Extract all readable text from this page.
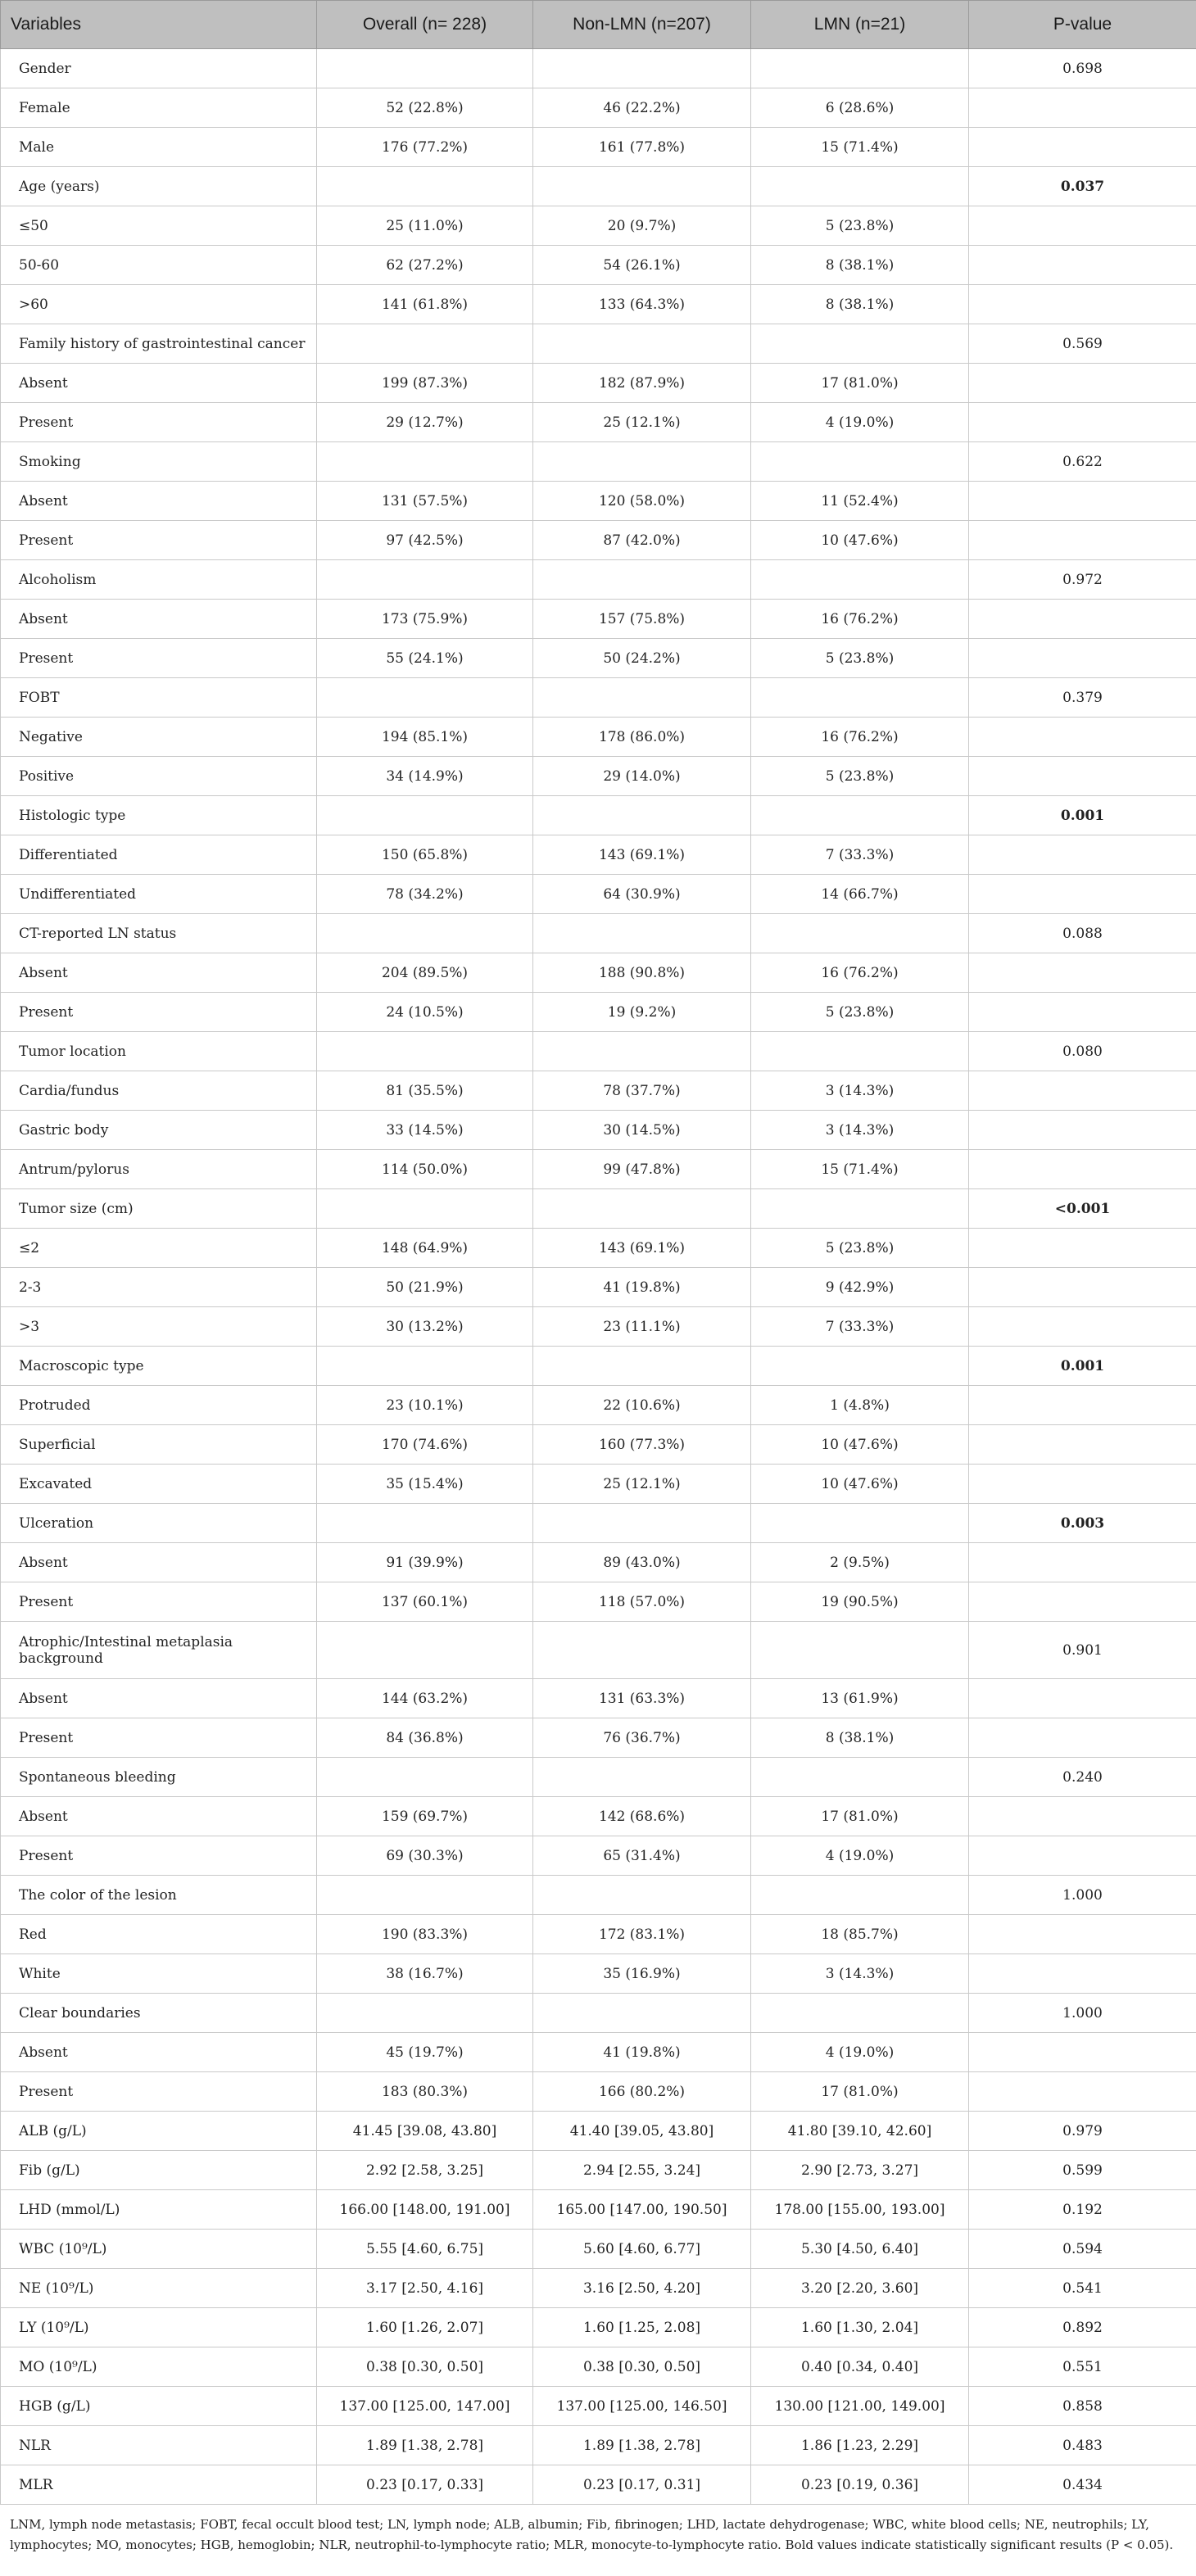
Variables	Overall (n= 228)	Non-LMN (n=207)	LMN (n=21)	P-value
Gender				0.698
Female	52 (22.8%)	46 (22.2%)	6 (28.6%)	
Male	176 (77.2%)	161 (77.8%)	15 (71.4%)	
Age (years)				0.037
≤50	25 (11.0%)	20 (9.7%)	5 (23.8%)	
50-60	62 (27.2%)	54 (26.1%)	8 (38.1%)	
>60	141 (61.8%)	133 (64.3%)	8 (38.1%)	
Family history of gastrointestinal cancer				0.569
Absent	199 (87.3%)	182 (87.9%)	17 (81.0%)	
Present	29 (12.7%)	25 (12.1%)	4 (19.0%)	
Smoking				0.622
Absent	131 (57.5%)	120 (58.0%)	11 (52.4%)	
Present	97 (42.5%)	87 (42.0%)	10 (47.6%)	
Alcoholism				0.972
Absent	173 (75.9%)	157 (75.8%)	16 (76.2%)	
Present	55 (24.1%)	50 (24.2%)	5 (23.8%)	
FOBT				0.379
Negative	194 (85.1%)	178 (86.0%)	16 (76.2%)	
Positive	34 (14.9%)	29 (14.0%)	5 (23.8%)	
Histologic type				0.001
Differentiated	150 (65.8%)	143 (69.1%)	7 (33.3%)	
Undifferentiated	78 (34.2%)	64 (30.9%)	14 (66.7%)	
CT-reported LN status				0.088
Absent	204 (89.5%)	188 (90.8%)	16 (76.2%)	
Present	24 (10.5%)	19 (9.2%)	5 (23.8%)	
Tumor location				0.080
Cardia/fundus	81 (35.5%)	78 (37.7%)	3 (14.3%)	
Gastric body	33 (14.5%)	30 (14.5%)	3 (14.3%)	
Antrum/pylorus	114 (50.0%)	99 (47.8%)	15 (71.4%)	
Tumor size (cm)				<0.001
≤2	148 (64.9%)	143 (69.1%)	5 (23.8%)	
2-3	50 (21.9%)	41 (19.8%)	9 (42.9%)	
>3	30 (13.2%)	23 (11.1%)	7 (33.3%)	
Macroscopic type				0.001
Protruded	23 (10.1%)	22 (10.6%)	1 (4.8%)	
Superficial	170 (74.6%)	160 (77.3%)	10 (47.6%)	
Excavated	35 (15.4%)	25 (12.1%)	10 (47.6%)	
Ulceration				0.003
Absent	91 (39.9%)	89 (43.0%)	2 (9.5%)	
Present	137 (60.1%)	118 (57.0%)	19 (90.5%)	
Atrophic/Intestinal metaplasia background				0.901
Absent	144 (63.2%)	131 (63.3%)	13 (61.9%)	
Present	84 (36.8%)	76 (36.7%)	8 (38.1%)	
Spontaneous bleeding				0.240
Absent	159 (69.7%)	142 (68.6%)	17 (81.0%)	
Present	69 (30.3%)	65 (31.4%)	4 (19.0%)	
The color of the lesion				1.000
Red	190 (83.3%)	172 (83.1%)	18 (85.7%)	
White	38 (16.7%)	35 (16.9%)	3 (14.3%)	
Clear boundaries				1.000
Absent	45 (19.7%)	41 (19.8%)	4 (19.0%)	
Present	183 (80.3%)	166 (80.2%)	17 (81.0%)	
ALB (g/L)	41.45 [39.08, 43.80]	41.40 [39.05, 43.80]	41.80 [39.10, 42.60]	0.979
Fib (g/L)	2.92 [2.58, 3.25]	2.94 [2.55, 3.24]	2.90 [2.73, 3.27]	0.599
LHD (mmol/L)	166.00 [148.00, 191.00]	165.00 [147.00, 190.50]	178.00 [155.00, 193.00]	0.192
WBC (10⁹/L)	5.55 [4.60, 6.75]	5.60 [4.60, 6.77]	5.30 [4.50, 6.40]	0.594
NE (10⁹/L)	3.17 [2.50, 4.16]	3.16 [2.50, 4.20]	3.20 [2.20, 3.60]	0.541
LY (10⁹/L)	1.60 [1.26, 2.07]	1.60 [1.25, 2.08]	1.60 [1.30, 2.04]	0.892
MO (10⁹/L)	0.38 [0.30, 0.50]	0.38 [0.30, 0.50]	0.40 [0.34, 0.40]	0.551
HGB (g/L)	137.00 [125.00, 147.00]	137.00 [125.00, 146.50]	130.00 [121.00, 149.00]	0.858
NLR	1.89 [1.38, 2.78]	1.89 [1.38, 2.78]	1.86 [1.23, 2.29]	0.483
MLR	0.23 [0.17, 0.33]	0.23 [0.17, 0.31]	0.23 [0.19, 0.36]	0.434
LNM, lymph node metastasis; FOBT, fecal occult blood test; LN, lymph node; ALB, albumin; Fib, fibrinogen; LHD, lactate dehydrogenase; WBC, white blood cells; NE, neutrophils; LY, lymphocytes; MO, monocytes; HGB, hemoglobin; NLR, neutrophil-to-lymphocyte ratio; MLR, monocyte-to-lymphocyte ratio. Bold values indicate statistically significant results (P < 0.05).
